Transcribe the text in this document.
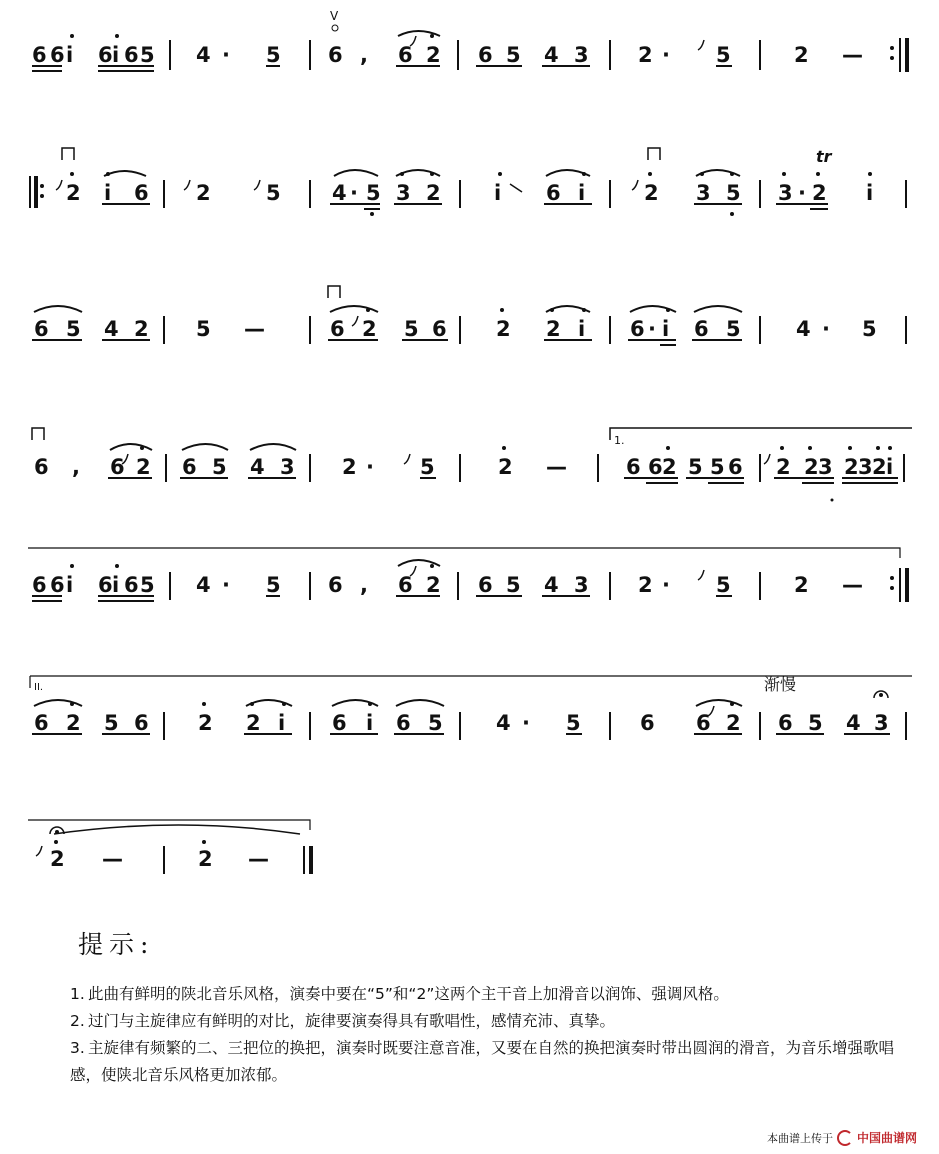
6 6 i 6 i 6 5 4 · 5 6 , 6 2 6 5 4 3 2 · 5	2 —
V
2 i 6 2	5 4 · 5 3 2	i 6 i	2 3 5 3 · 2 i
tr
6 5 4 2 5 —	6 2 5 6 2 2 i 6 · i 6 5	4 · 5
6 , 6 2 6 5 4 3 2 · 5	2 —	6 6 2 5 5 6 2 2 3 2 3 2 i
1.
6 6 i 6 i 6 5 4 · 5 6 , 6 2 6 5 4 3 2 · 5	2 —
6 2 5 6 2 2 i 6 i 6 5	4 · 5	6 6 2 6 5 4 3
II.	渐慢
2 —	2 —
提示:
1. 此曲有鲜明的陕北音乐风格，演奏中要在“5”和“2”这两个主干音上加滑音以润饰、强调风格。
2. 过门与主旋律应有鲜明的对比，旋律要演奏得具有歌唱性，感情充沛、真挚。
3. 主旋律有频繁的二、三把位的换把，演奏时既要注意音准，又要在自然的换把演奏时带出圆润的滑音，为音乐增强歌唱感，使陕北音乐风格更加浓郁。
本曲谱上传于 中国曲谱网
